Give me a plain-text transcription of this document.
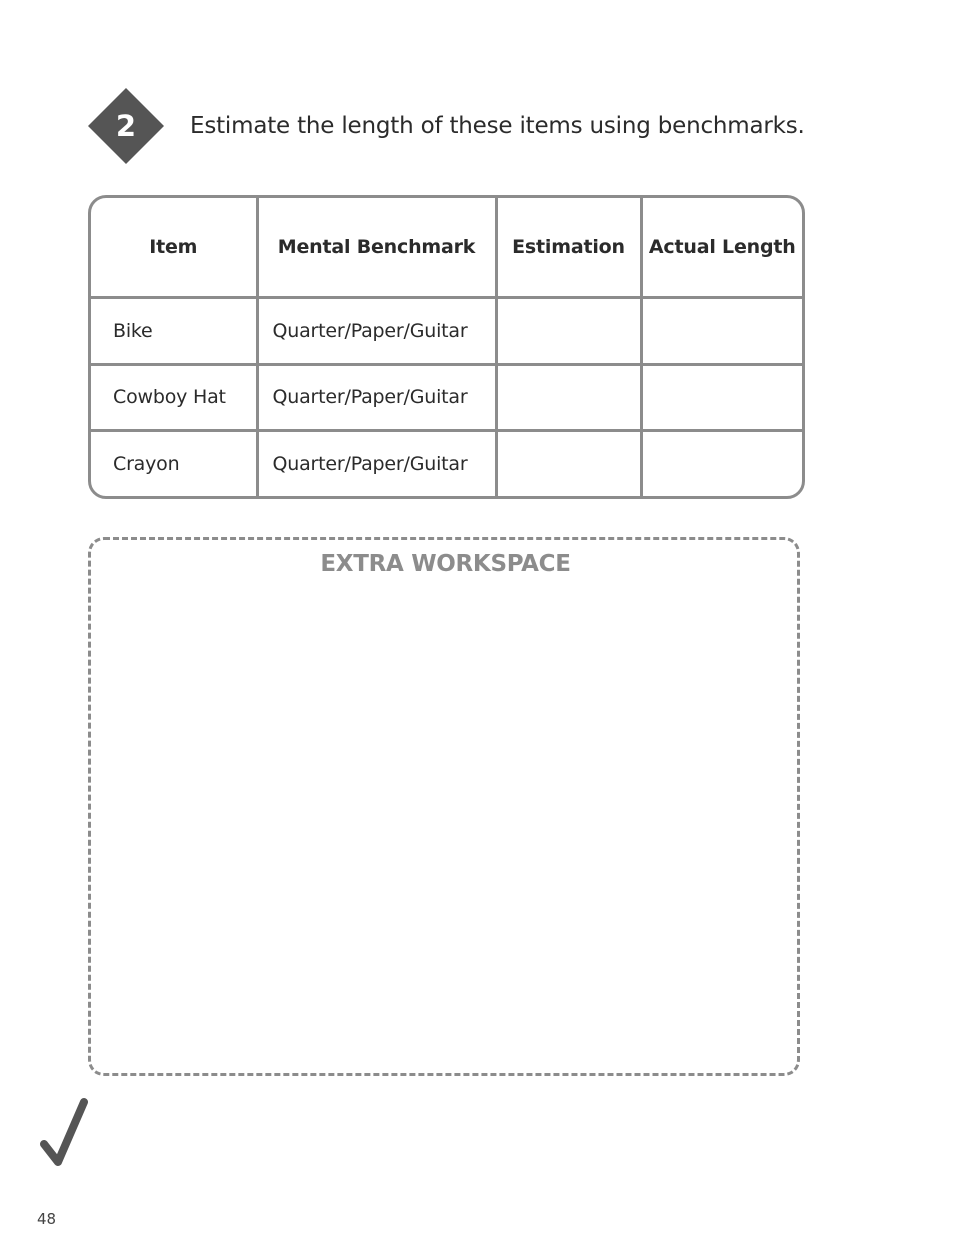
2	Estimate the length of these items using benchmarks.
Item	Mental Benchmark	Estimation	Actual Length
Bike	Quarter/Paper/Guitar		
Cowboy Hat	Quarter/Paper/Guitar		
Crayon	Quarter/Paper/Guitar		
EXTRA WORKSPACE
48
